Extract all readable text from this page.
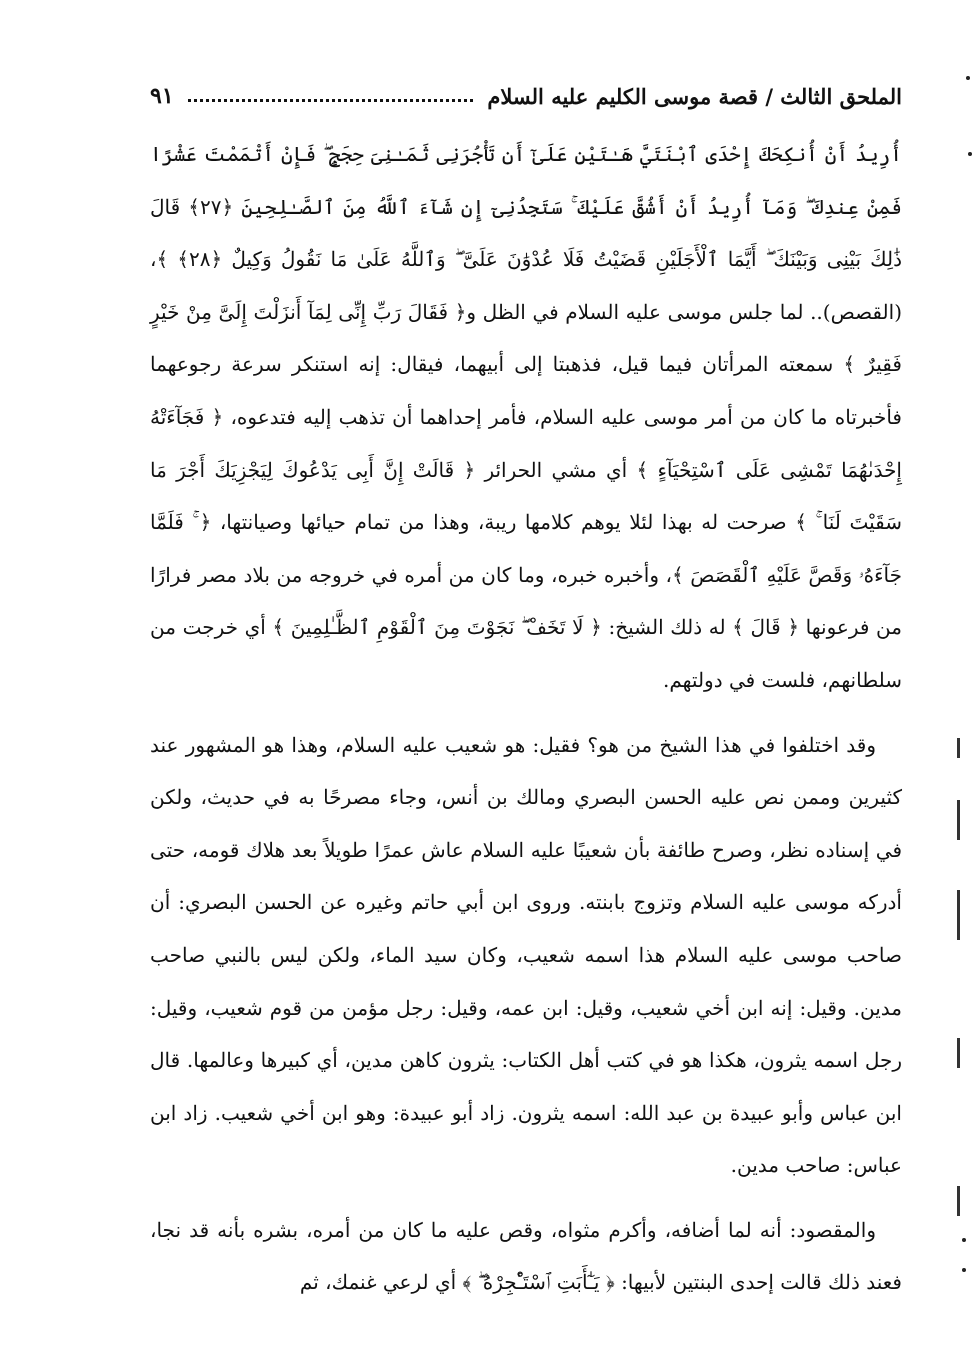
الملحق الثالث / قصة موسى الكليم عليه السلام
٩١

أُرِيدُ أَنْ أُنكِحَكَ إِحْدَى ٱبْنَتَيَّ هَـٰتَيْنِ عَلَىٰٓ أَن تَأْجُرَنِى ثَمَـٰنِىَ حِجَجٍ ۖ فَإِنْ أَتْمَمْتَ عَشْرًا فَمِنْ عِندِكَ ۖ وَمَآ أُرِيدُ أَنْ أَشُقَّ عَلَيْكَ ۚ سَتَجِدُنِىٓ إِن شَآءَ ٱللَّهُ مِنَ ٱلصَّـٰلِحِينَ ﴿٢٧﴾ قَالَ ذَٰلِكَ بَيْنِى وَبَيْنَكَ ۖ أَيَّمَا ٱلْأَجَلَيْنِ قَضَيْتُ فَلَا عُدْوَٰنَ عَلَىَّ ۖ وَٱللَّهُ عَلَىٰ مَا نَقُولُ وَكِيلٌ ﴿٢٨﴾ ﴾، (القصص).. لما جلس موسى عليه السلام في الظل و﴿ فَقَالَ رَبِّ إِنِّى لِمَآ أَنزَلْتَ إِلَىَّ مِنْ خَيْرٍ فَقِيرٌ ﴾ سمعته المرأتان فيما قيل، فذهبتا إلى أبيهما، فيقال: إنه استنكر سرعة رجوعهما فأخبرتاه ما كان من أمر موسى عليه السلام، فأمر إحداهما أن تذهب إليه فتدعوه، ﴿ فَجَآءَتْهُ إِحْدَىٰهُمَا تَمْشِى عَلَى ٱسْتِحْيَآءٍ ﴾ أي مشي الحرائر ﴿ قَالَتْ إِنَّ أَبِى يَدْعُوكَ لِيَجْزِيَكَ أَجْرَ مَا سَقَيْتَ لَنَا ۚ ﴾ صرحت له بهذا لئلا يوهم كلامها ريبة، وهذا من تمام حيائها وصيانتها، ﴿ ۚ فَلَمَّا جَآءَهُۥ وَقَصَّ عَلَيْهِ ٱلْقَصَصَ ﴾، وأخبره خبره، وما كان من أمره في خروجه من بلاد مصر فرارًا من فرعونها ﴿ قَالَ ﴾ له ذلك الشيخ: ﴿ لَا تَخَفْ ۖ نَجَوْتَ مِنَ ٱلْقَوْمِ ٱلظَّـٰلِمِينَ ﴾ أي خرجت من سلطانهم، فلست في دولتهم.

وقد اختلفوا في هذا الشيخ من هو؟ فقيل: هو شعيب عليه السلام، وهذا هو المشهور عند كثيرين وممن نص عليه الحسن البصري ومالك بن أنس، وجاء مصرحًا به في حديث، ولكن في إسناده نظر، وصرح طائفة بأن شعيبًا عليه السلام عاش عمرًا طويلاً بعد هلاك قومه، حتى أدركه موسى عليه السلام وتزوج بابنته. وروى ابن أبي حاتم وغيره عن الحسن البصري: أن صاحب موسى عليه السلام هذا اسمه شعيب، وكان سيد الماء، ولكن ليس بالنبي صاحب مدين. وقيل: إنه ابن أخي شعيب، وقيل: ابن عمه، وقيل: رجل مؤمن من قوم شعيب، وقيل: رجل اسمه يثرون، هكذا هو في كتب أهل الكتاب: يثرون كاهن مدين، أي كبيرها وعالمها. قال ابن عباس وأبو عبيدة بن عبد الله: اسمه يثرون. زاد أبو عبيدة: وهو ابن أخي شعيب. زاد ابن عباس: صاحب مدين.

والمقصود: أنه لما أضافه، وأكرم مثواه، وقص عليه ما كان من أمره، بشره بأنه قد نجا، فعند ذلك قالت إحدى البنتين لأبيها: ﴿ يَـٰٓأَبَتِ ٱسْتَـْٔجِرْهُ ۖ ﴾ أي لرعي غنمك، ثم
